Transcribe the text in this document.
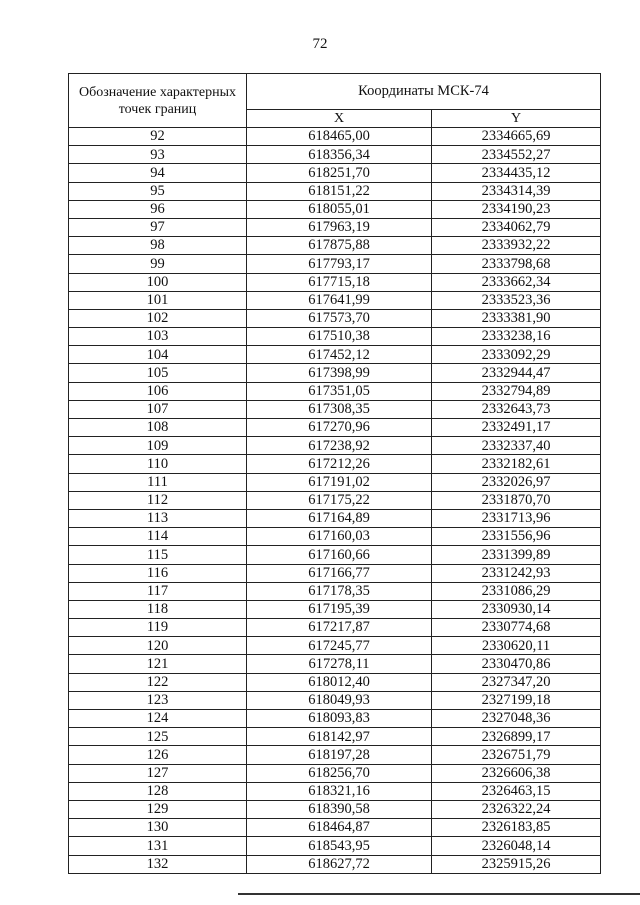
72
Обозначение характерных точек границ	Координаты МСК-74	
	X	Y
92	618465,00	2334665,69
93	618356,34	2334552,27
94	618251,70	2334435,12
95	618151,22	2334314,39
96	618055,01	2334190,23
97	617963,19	2334062,79
98	617875,88	2333932,22
99	617793,17	2333798,68
100	617715,18	2333662,34
101	617641,99	2333523,36
102	617573,70	2333381,90
103	617510,38	2333238,16
104	617452,12	2333092,29
105	617398,99	2332944,47
106	617351,05	2332794,89
107	617308,35	2332643,73
108	617270,96	2332491,17
109	617238,92	2332337,40
110	617212,26	2332182,61
111	617191,02	2332026,97
112	617175,22	2331870,70
113	617164,89	2331713,96
114	617160,03	2331556,96
115	617160,66	2331399,89
116	617166,77	2331242,93
117	617178,35	2331086,29
118	617195,39	2330930,14
119	617217,87	2330774,68
120	617245,77	2330620,11
121	617278,11	2330470,86
122	618012,40	2327347,20
123	618049,93	2327199,18
124	618093,83	2327048,36
125	618142,97	2326899,17
126	618197,28	2326751,79
127	618256,70	2326606,38
128	618321,16	2326463,15
129	618390,58	2326322,24
130	618464,87	2326183,85
131	618543,95	2326048,14
132	618627,72	2325915,26
